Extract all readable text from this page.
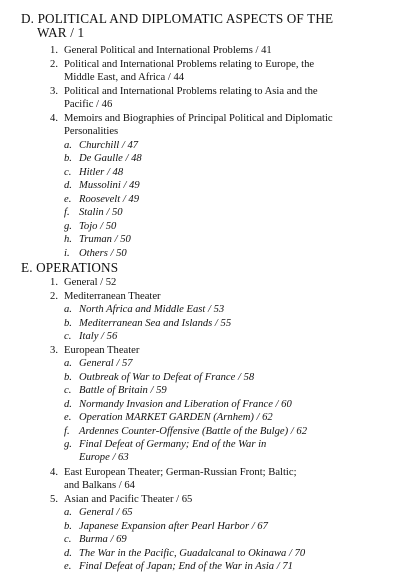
D. POLITICAL AND DIPLOMATIC ASPECTS OF THE
WAR / 1
1. General Political and International Problems / 41
2. Political and International Problems relating to Europe, the
Middle East, and Africa / 44
3. Political and International Problems relating to Asia and the
Pacific / 46
4. Memoirs and Biographies of Principal Political and Diplomatic
Personalities
a. Churchill / 47
b. De Gaulle / 48
c. Hitler / 48
d. Mussolini / 49
e. Roosevelt / 49
f. Stalin / 50
g. Tojo / 50
h. Truman / 50
i. Others / 50
E. OPERATIONS
1. General / 52
2. Mediterranean Theater
a. North Africa and Middle East / 53
b. Mediterranean Sea and Islands / 55
c. Italy / 56
3. European Theater
a. General / 57
b. Outbreak of War to Defeat of France / 58
c. Battle of Britain / 59
d. Normandy Invasion and Liberation of France / 60
e. Operation MARKET GARDEN (Arnhem) / 62
f. Ardennes Counter-Offensive (Battle of the Bulge) / 62
g. Final Defeat of Germany; End of the War in
Europe / 63
4. East European Theater; German-Russian Front; Baltic;
and Balkans / 64
5. Asian and Pacific Theater / 65
a. General / 65
b. Japanese Expansion after Pearl Harbor / 67
c. Burma / 69
d. The War in the Pacific, Guadalcanal to Okinawa / 70
e. Final Defeat of Japan; End of the War in Asia / 71
